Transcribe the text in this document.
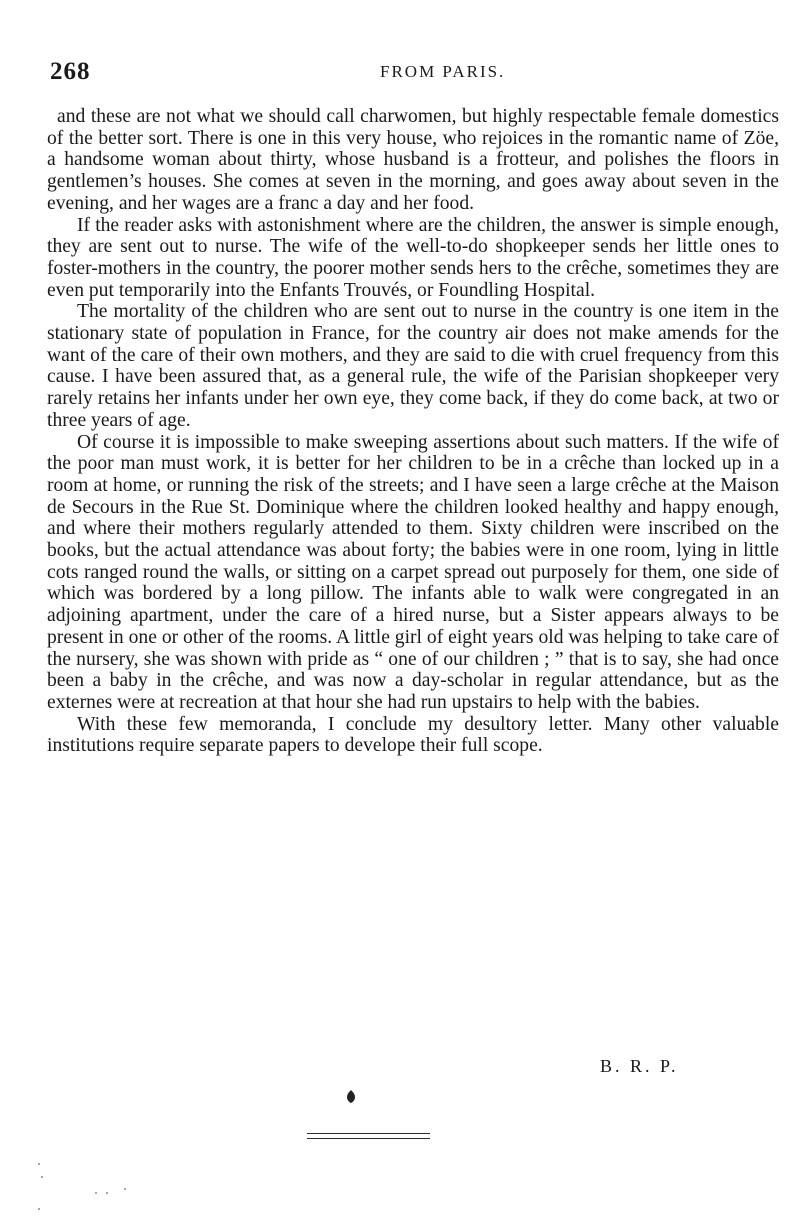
268	FROM PARIS.

and these are not what we should call charwomen, but highly respectable female domestics of the better sort. There is one in this very house, who rejoices in the romantic name of Zöe, a handsome woman about thirty, whose husband is a frotteur, and polishes the floors in gentlemen’s houses. She comes at seven in the morning, and goes away about seven in the evening, and her wages are a franc a day and her food.

If the reader asks with astonishment where are the children, the answer is simple enough, they are sent out to nurse. The wife of the well-to-do shopkeeper sends her little ones to foster-mothers in the country, the poorer mother sends hers to the crêche, sometimes they are even put temporarily into the Enfants Trouvés, or Foundling Hospital.

The mortality of the children who are sent out to nurse in the country is one item in the stationary state of population in France, for the country air does not make amends for the want of the care of their own mothers, and they are said to die with cruel frequency from this cause. I have been assured that, as a general rule, the wife of the Parisian shopkeeper very rarely retains her infants under her own eye, they come back, if they do come back, at two or three years of age.

Of course it is impossible to make sweeping assertions about such matters. If the wife of the poor man must work, it is better for her children to be in a crêche than locked up in a room at home, or running the risk of the streets; and I have seen a large crêche at the Maison de Secours in the Rue St. Dominique where the children looked healthy and happy enough, and where their mothers regularly attended to them. Sixty children were inscribed on the books, but the actual attendance was about forty; the babies were in one room, lying in little cots ranged round the walls, or sitting on a carpet spread out purposely for them, one side of which was bordered by a long pillow. The infants able to walk were congregated in an adjoining apartment, under the care of a hired nurse, but a Sister appears always to be present in one or other of the rooms. A little girl of eight years old was helping to take care of the nursery, she was shown with pride as “ one of our children ; ” that is to say, she had once been a baby in the crêche, and was now a day-scholar in regular attendance, but as the externes were at recreation at that hour she had run upstairs to help with the babies.

With these few memoranda, I conclude my desultory letter. Many other valuable institutions require separate papers to develope their full scope.

B. R. P.
